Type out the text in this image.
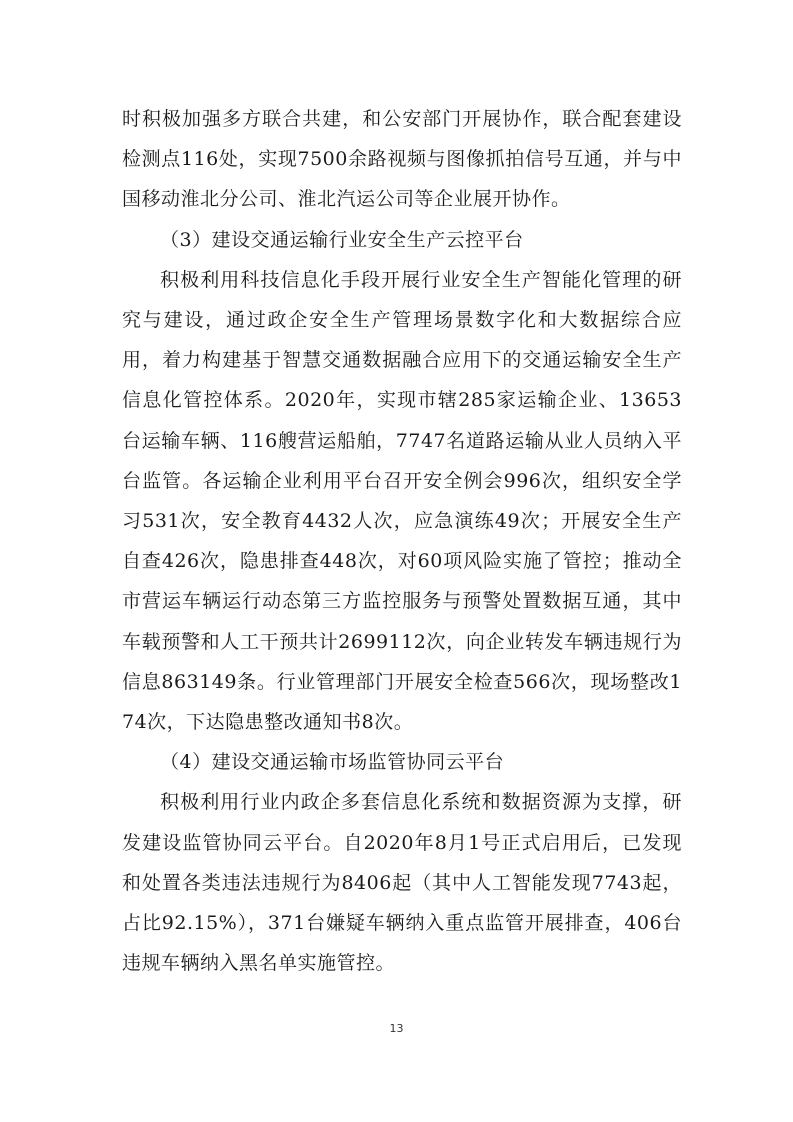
时积极加强多方联合共建，和公安部门开展协作，联合配套建设检测点116处，实现7500余路视频与图像抓拍信号互通，并与中国移动淮北分公司、淮北汽运公司等企业展开协作。

（3）建设交通运输行业安全生产云控平台

积极利用科技信息化手段开展行业安全生产智能化管理的研究与建设，通过政企安全生产管理场景数字化和大数据综合应用，着力构建基于智慧交通数据融合应用下的交通运输安全生产信息化管控体系。2020年，实现市辖285家运输企业、13653台运输车辆、116艘营运船舶，7747名道路运输从业人员纳入平台监管。各运输企业利用平台召开安全例会996次，组织安全学习531次，安全教育4432人次，应急演练49次；开展安全生产自查426次，隐患排查448次，对60项风险实施了管控；推动全市营运车辆运行动态第三方监控服务与预警处置数据互通，其中车载预警和人工干预共计2699112次，向企业转发车辆违规行为信息863149条。行业管理部门开展安全检查566次，现场整改174次，下达隐患整改通知书8次。

（4）建设交通运输市场监管协同云平台

积极利用行业内政企多套信息化系统和数据资源为支撑，研发建设监管协同云平台。自2020年8月1号正式启用后，已发现和处置各类违法违规行为8406起（其中人工智能发现7743起，占比92.15%），371台嫌疑车辆纳入重点监管开展排查，406台违规车辆纳入黑名单实施管控。

13
